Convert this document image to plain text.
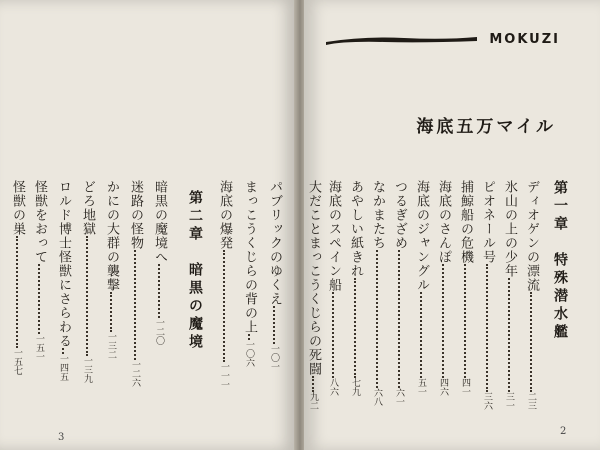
パブリックのゆくえ一〇一
まっこうくじらの背の上一〇六
海底の爆発一一一
第二章　暗黒の魔境
暗黒の魔境へ一二〇
迷路の怪物一二六
かにの大群の襲撃一三二
どろ地獄一三九
ロルド博士怪獣にさらわる一四五
怪獣をおって一五一
怪獣の巣一五七
3
MOKUZI
海底五万マイル
第一章　特殊潜水艦
ディオゲンの漂流二三
氷山の上の少年三一
ピオネール号三六
捕鯨船の危機四一
海底のさんぽ四六
海底のジャングル五一
つるぎざめ六一
なかまたち六八
あやしい紙きれ七九
海底のスペイン船八六
大だことまっこうくじらの死闘九二
2
